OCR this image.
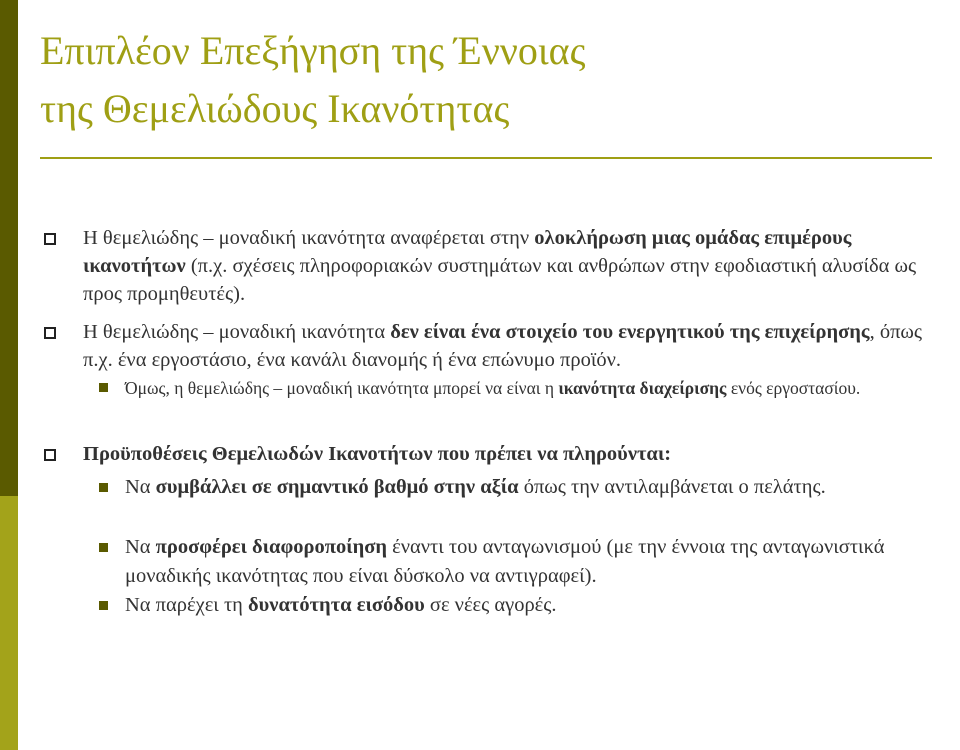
Επιπλέον Επεξήγηση της Έννοιας
της Θεμελιώδους Ικανότητας
Η θεμελιώδης – μοναδική ικανότητα αναφέρεται στην ολοκλήρωση μιας ομάδας επιμέρους ικανοτήτων (π.χ. σχέσεις πληροφοριακών συστημάτων και ανθρώπων στην εφοδιαστική αλυσίδα ως προς προμηθευτές).
Η θεμελιώδης – μοναδική ικανότητα δεν είναι ένα στοιχείο του ενεργητικού της επιχείρησης, όπως π.χ. ένα εργοστάσιο, ένα κανάλι διανομής ή ένα επώνυμο προϊόν.
Όμως, η θεμελιώδης – μοναδική ικανότητα μπορεί να είναι η ικανότητα διαχείρισης ενός εργοστασίου.
Προϋποθέσεις Θεμελιωδών Ικανοτήτων που πρέπει να πληρούνται:
Να συμβάλλει σε σημαντικό βαθμό στην αξία όπως την αντιλαμβάνεται ο πελάτης.
Να προσφέρει διαφοροποίηση έναντι του ανταγωνισμού (με την έννοια της ανταγωνιστικά μοναδικής ικανότητας που είναι δύσκολο να αντιγραφεί).
Να παρέχει τη δυνατότητα εισόδου σε νέες αγορές.
